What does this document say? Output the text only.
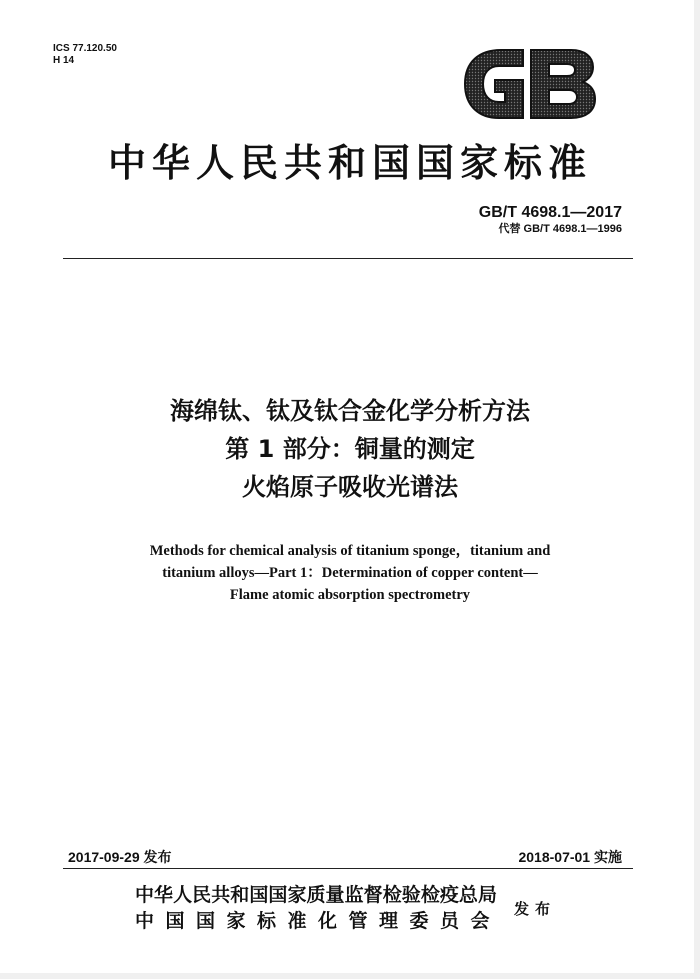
ICS 77.120.50
H 14
中华人民共和国国家标准
GB/T 4698.1—2017
代替 GB/T 4698.1—1996
海绵钛、钛及钛合金化学分析方法
第 1 部分：铜量的测定
火焰原子吸收光谱法
Methods for chemical analysis of titanium sponge，titanium and
titanium alloys—Part 1：Determination of copper content—
Flame atomic absorption spectrometry
2017-09-29 发布	2018-07-01 实施
中华人民共和国国家质量监督检验检疫总局
中国国家标准化管理委员会
发布
